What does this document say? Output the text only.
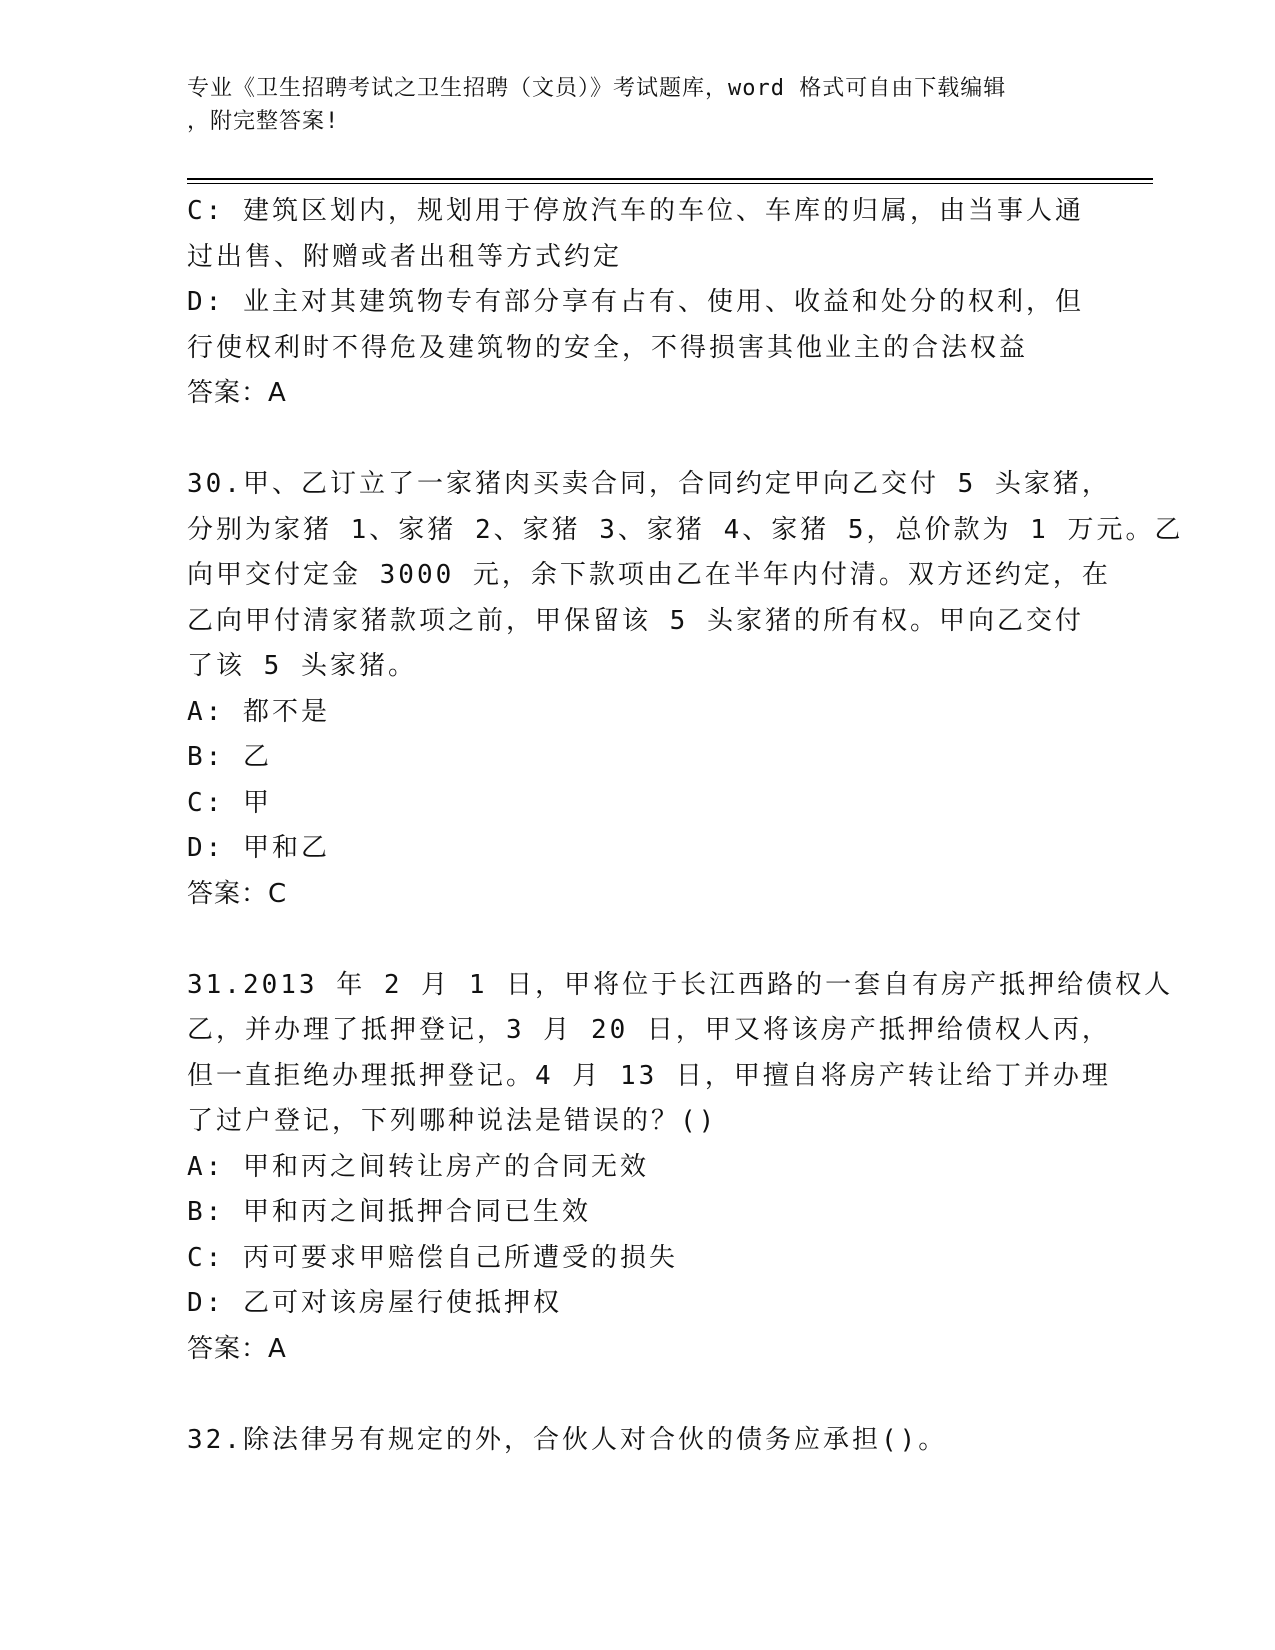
专业《卫生招聘考试之卫生招聘（文员）》考试题库，word 格式可自由下载编辑
，附完整答案!
C: 建筑区划内，规划用于停放汽车的车位、车库的归属，由当事人通
过出售、附赠或者出租等方式约定
D: 业主对其建筑物专有部分享有占有、使用、收益和处分的权利，但
行使权利时不得危及建筑物的安全，不得损害其他业主的合法权益
答案：A
30.甲、乙订立了一家猪肉买卖合同，合同约定甲向乙交付 5 头家猪，
分别为家猪 1、家猪 2、家猪 3、家猪 4、家猪 5，总价款为 1 万元。乙
向甲交付定金 3000 元，余下款项由乙在半年内付清。双方还约定，在
乙向甲付清家猪款项之前，甲保留该 5 头家猪的所有权。甲向乙交付
了该 5 头家猪。
A: 都不是
B: 乙
C: 甲
D: 甲和乙
答案：C
31.2013 年 2 月 1 日，甲将位于长江西路的一套自有房产抵押给债权人
乙，并办理了抵押登记，3 月 20 日，甲又将该房产抵押给债权人丙，
但一直拒绝办理抵押登记。4 月 13 日，甲擅自将房产转让给丁并办理
了过户登记，下列哪种说法是错误的？()
A: 甲和丙之间转让房产的合同无效
B: 甲和丙之间抵押合同已生效
C: 丙可要求甲赔偿自己所遭受的损失
D: 乙可对该房屋行使抵押权
答案：A
32.除法律另有规定的外，合伙人对合伙的债务应承担()。
